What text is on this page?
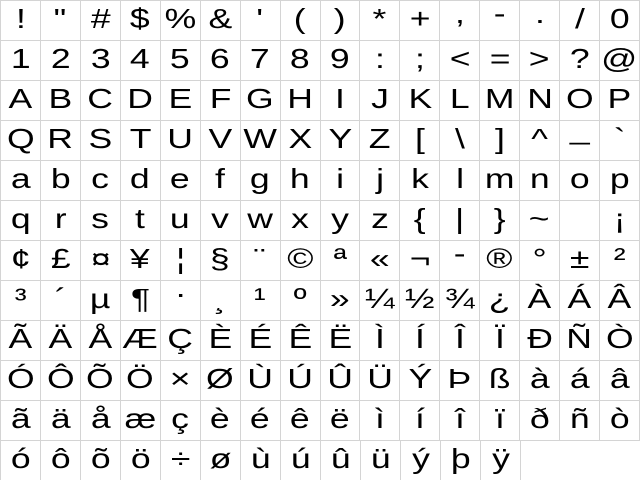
! " # $ % & ' ( ) * + , - . / 0
1 2 3 4 5 6 7 8 9 : ; < = > ? @
A B C D E F G H I J K L M N O P
Q R S T U V W X Y Z [ \ ] ^ _ `
a b c d e f g h i j k l m n o p
q r s t u v w x y z { | } ~ ¡
¢ £ ¤ ¥ ¦ § ¨ © ª « ¬ - ® ° ± ²
³ ´ µ ¶ · ¸ ¹ º » ¼ ½ ¾ ¿ À Á Â
Ã Ä Å Æ Ç È É Ê Ë Ì Í Î Ï Ð Ñ Ò
Ó Ô Õ Ö × Ø Ù Ú Û Ü Ý Þ ß à á â
ã ä å æ ç è é ê ë ì í î ï ð ñ ò
ó ô õ ö ÷ ø ù ú û ü ý þ ÿ
